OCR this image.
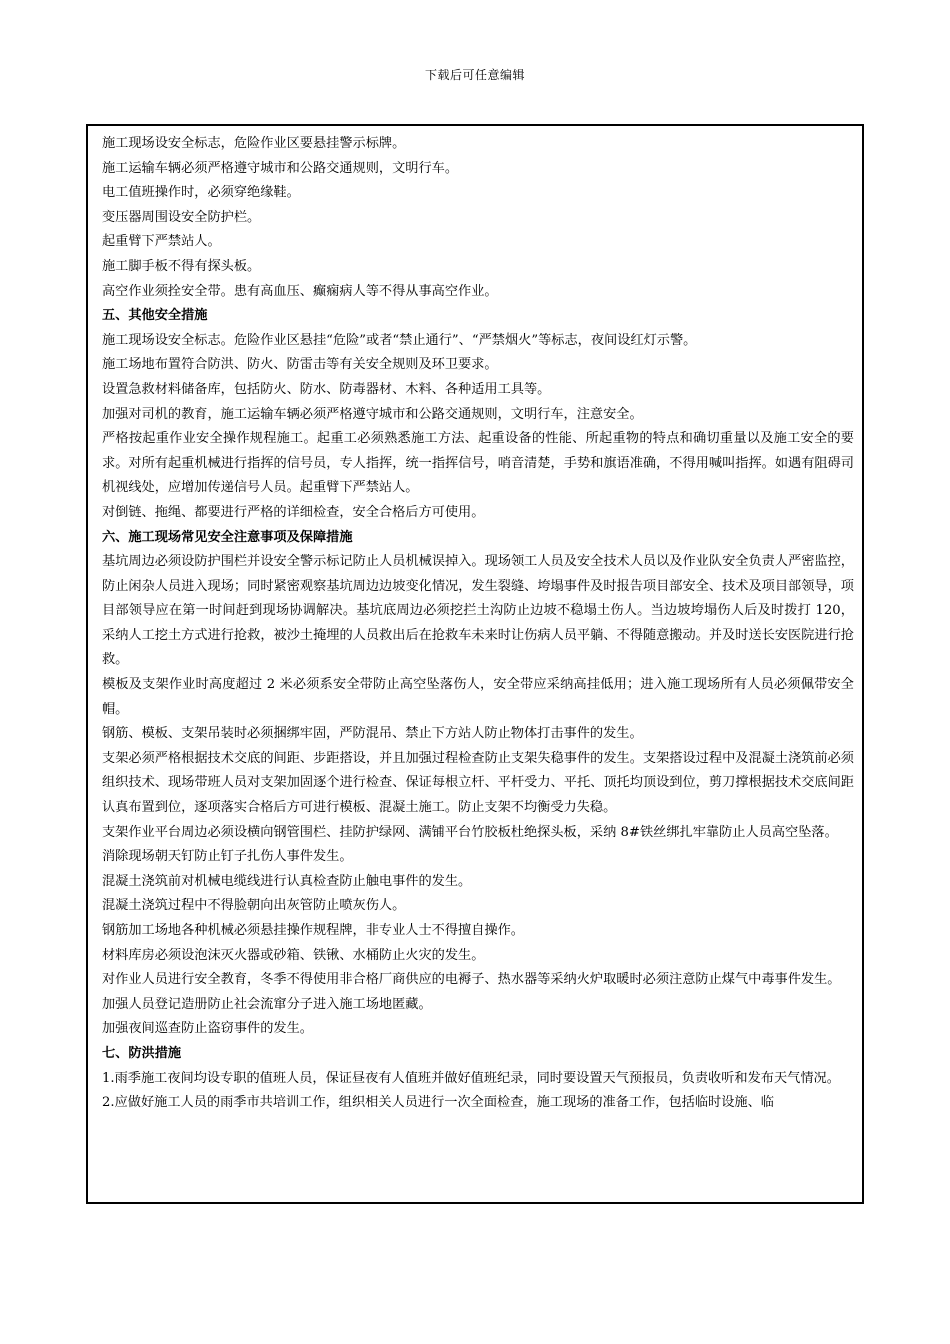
下载后可任意编辑

施工现场设安全标志，危险作业区要悬挂警示标牌。

施工运输车辆必须严格遵守城市和公路交通规则，文明行车。

电工值班操作时，必须穿绝缘鞋。

变压器周围设安全防护栏。

起重臂下严禁站人。

施工脚手板不得有探头板。

高空作业须拴安全带。患有高血压、癫痫病人等不得从事高空作业。

五、其他安全措施

施工现场设安全标志。危险作业区悬挂“危险”或者“禁止通行”、“严禁烟火”等标志，夜间设红灯示警。

施工场地布置符合防洪、防火、防雷击等有关安全规则及环卫要求。

设置急救材料储备库，包括防火、防水、防毒器材、木料、各种适用工具等。

加强对司机的教育，施工运输车辆必须严格遵守城市和公路交通规则，文明行车，注意安全。

严格按起重作业安全操作规程施工。起重工必须熟悉施工方法、起重设备的性能、所起重物的特点和确切重量以及施工安全的要求。对所有起重机械进行指挥的信号员，专人指挥，统一指挥信号，哨音清楚，手势和旗语准确，不得用喊叫指挥。如遇有阻碍司机视线处，应增加传递信号人员。起重臂下严禁站人。

对倒链、拖绳、都要进行严格的详细检查，安全合格后方可使用。

六、施工现场常见安全注意事项及保障措施

基坑周边必须设防护围栏并设安全警示标记防止人员机械误掉入。现场领工人员及安全技术人员以及作业队安全负责人严密监控，防止闲杂人员进入现场；同时紧密观察基坑周边边坡变化情况，发生裂缝、垮塌事件及时报告项目部安全、技术及项目部领导，项目部领导应在第一时间赶到现场协调解决。基坑底周边必须挖拦土沟防止边坡不稳塌土伤人。当边坡垮塌伤人后及时拨打 120，采纳人工挖土方式进行抢救，被沙土掩埋的人员救出后在抢救车未来时让伤病人员平躺、不得随意搬动。并及时送长安医院进行抢救。

模板及支架作业时高度超过 2 米必须系安全带防止高空坠落伤人，安全带应采纳高挂低用；进入施工现场所有人员必须佩带安全帽。

钢筋、模板、支架吊装时必须捆绑牢固，严防混吊、禁止下方站人防止物体打击事件的发生。

支架必须严格根据技术交底的间距、步距搭设，并且加强过程检查防止支架失稳事件的发生。支架搭设过程中及混凝土浇筑前必须组织技术、现场带班人员对支架加固逐个进行检查、保证每根立杆、平杆受力、平托、顶托均顶设到位，剪刀撑根据技术交底间距认真布置到位，逐项落实合格后方可进行模板、混凝土施工。防止支架不均衡受力失稳。

支架作业平台周边必须设横向钢管围栏、挂防护绿网、满铺平台竹胶板杜绝探头板，采纳 8#铁丝绑扎牢靠防止人员高空坠落。

消除现场朝天钉防止钉子扎伤人事件发生。

混凝土浇筑前对机械电缆线进行认真检查防止触电事件的发生。

混凝土浇筑过程中不得脸朝向出灰管防止喷灰伤人。

钢筋加工场地各种机械必须悬挂操作规程牌，非专业人士不得擅自操作。

材料库房必须设泡沫灭火器或砂箱、铁锹、水桶防止火灾的发生。

对作业人员进行安全教育，冬季不得使用非合格厂商供应的电褥子、热水器等采纳火炉取暖时必须注意防止煤气中毒事件发生。

加强人员登记造册防止社会流窜分子进入施工场地匿藏。

加强夜间巡查防止盗窃事件的发生。

七、防洪措施

1.雨季施工夜间均设专职的值班人员，保证昼夜有人值班并做好值班纪录，同时要设置天气预报员，负责收听和发布天气情况。

2.应做好施工人员的雨季市共培训工作，组织相关人员进行一次全面检查，施工现场的准备工作，包括临时设施、临
